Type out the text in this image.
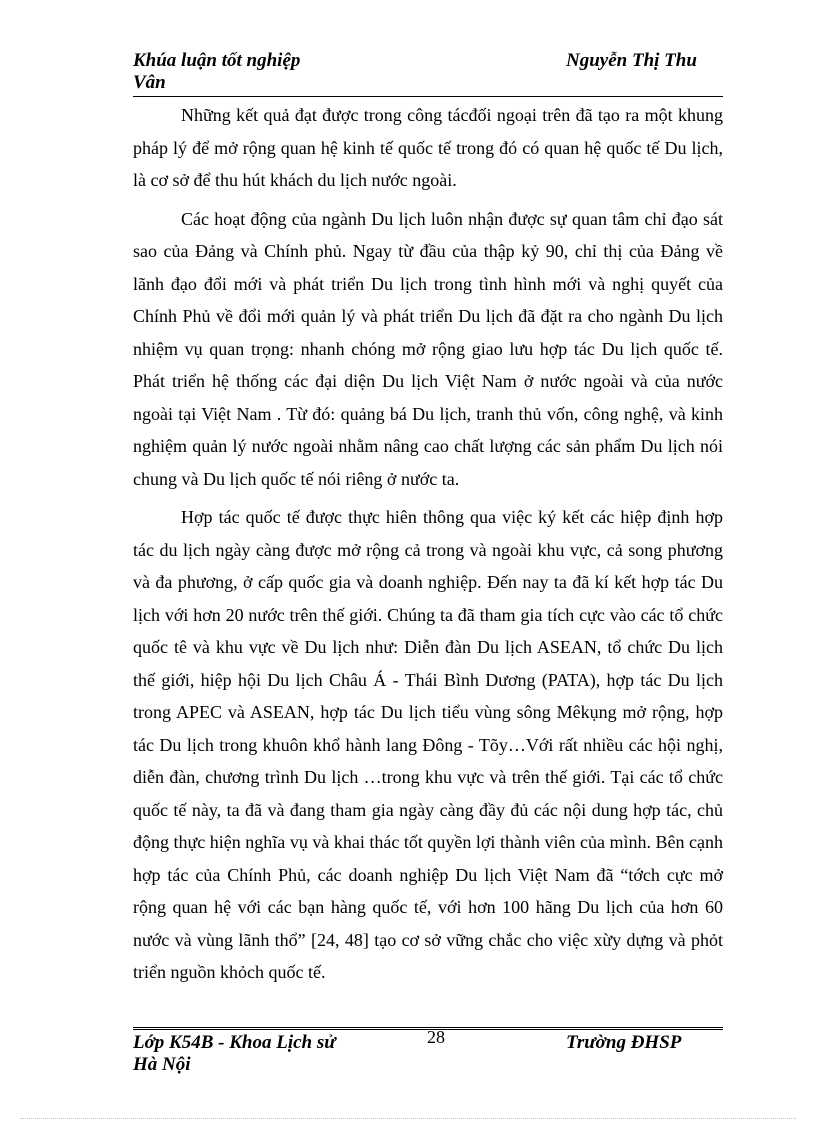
Khúa luận tốt nghiệp	Nguyễn Thị Thu
Vân

Những kết quả đạt được trong công tácđối ngoại trên đã tạo ra một khung pháp lý để mở rộng quan hệ kinh tế quốc tế trong đó có quan hệ quốc tế Du lịch, là cơ sở để thu hút khách du lịch nước ngoài.

Các hoạt động của ngành Du lịch luôn nhận được sự quan tâm chỉ đạo sát sao của Đảng và Chính phủ. Ngay từ đầu của thập kỷ 90, chỉ thị của Đảng về lãnh đạo đổi mới và phát triển Du lịch trong tình hình mới và nghị quyết của Chính Phủ về đổi mới quản lý và phát triển Du lịch đã đặt ra cho ngành Du lịch nhiệm vụ quan trọng: nhanh chóng mở rộng giao lưu hợp tác Du lịch quốc tế. Phát triển hệ thống các đại diện Du lịch Việt Nam ở nước ngoài và của nước ngoài tại Việt Nam . Từ đó: quảng bá Du lịch, tranh thủ vốn, công nghệ, và kinh nghiệm quản lý nước ngoài nhằm nâng cao chất lượng các sản phẩm Du lịch nói chung và Du lịch quốc tế nói riêng ở nước ta.

Hợp tác quốc tế được thực hiên thông qua việc ký kết các hiệp định hợp tác du lịch ngày càng được mở rộng cả trong và ngoài khu vực, cả song phương và đa phương, ở cấp quốc gia và doanh nghiệp. Đến nay ta đã kí kết hợp tác Du lịch với hơn 20 nước trên thế giới. Chúng ta đã tham gia tích cực vào các tổ chức quốc tê và khu vực về Du lịch như: Diễn đàn Du lịch ASEAN, tổ chức Du lịch thế giới, hiệp hội Du lịch Châu Á - Thái Bình Dương (PATA), hợp tác Du lịch trong APEC và ASEAN, hợp tác Du lịch tiểu vùng sông Mêkụng mở rộng, hợp tác Du lịch trong khuôn khổ hành lang Đông - Tõy…Với rất nhiều các hội nghị, diễn đàn, chương trình Du lịch …trong khu vực và trên thế giới. Tại các tổ chức quốc tế này, ta đã và đang tham gia ngày càng đầy đủ các nội dung hợp tác, chủ động thực hiện nghĩa vụ và khai thác tốt quyền lợi thành viên của mình. Bên cạnh hợp tác của Chính Phủ, các doanh nghiệp Du lịch Việt Nam đã “tớch cực mở rộng quan hệ với các bạn hàng quốc tế, với hơn 100 hãng Du lịch của hơn 60 nước và vùng lãnh thổ” [24, 48] tạo cơ sở vững chắc cho việc xừy dựng và phỏt triển nguồn khỏch quốc tế.

Lớp K54B - Khoa Lịch sử	28	Trường ĐHSP
Hà Nội
